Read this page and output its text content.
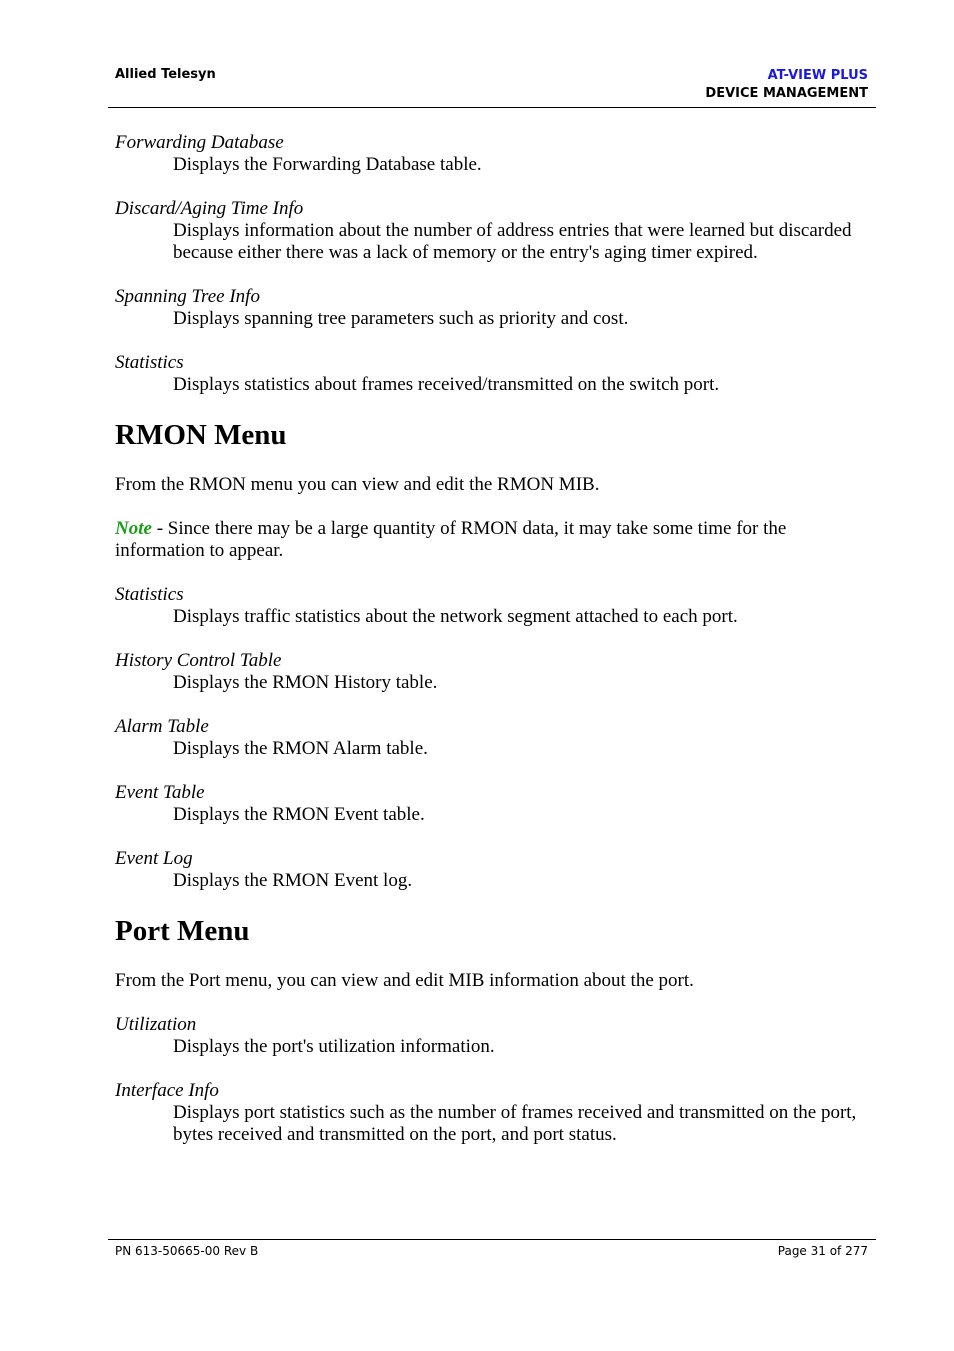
Allied Telesyn	AT-VIEW PLUS
DEVICE MANAGEMENT

Forwarding Database

Displays the Forwarding Database table.

Discard/Aging Time Info

Displays information about the number of address entries that were learned but discarded because either there was a lack of memory or the entry's aging timer expired.

Spanning Tree Info

Displays spanning tree parameters such as priority and cost.

Statistics

Displays statistics about frames received/transmitted on the switch port.

RMON Menu

From the RMON menu you can view and edit the RMON MIB.

Note - Since there may be a large quantity of RMON data, it may take some time for the information to appear.

Statistics

Displays traffic statistics about the network segment attached to each port.

History Control Table

Displays the RMON History table.

Alarm Table

Displays the RMON Alarm table.

Event Table

Displays the RMON Event table.

Event Log

Displays the RMON Event log.

Port Menu

From the Port menu, you can view and edit MIB information about the port.

Utilization

Displays the port's utilization information.

Interface Info

Displays port statistics such as the number of frames received and transmitted on the port, bytes received and transmitted on the port, and port status.

PN 613-50665-00 Rev B	Page 31 of 277
